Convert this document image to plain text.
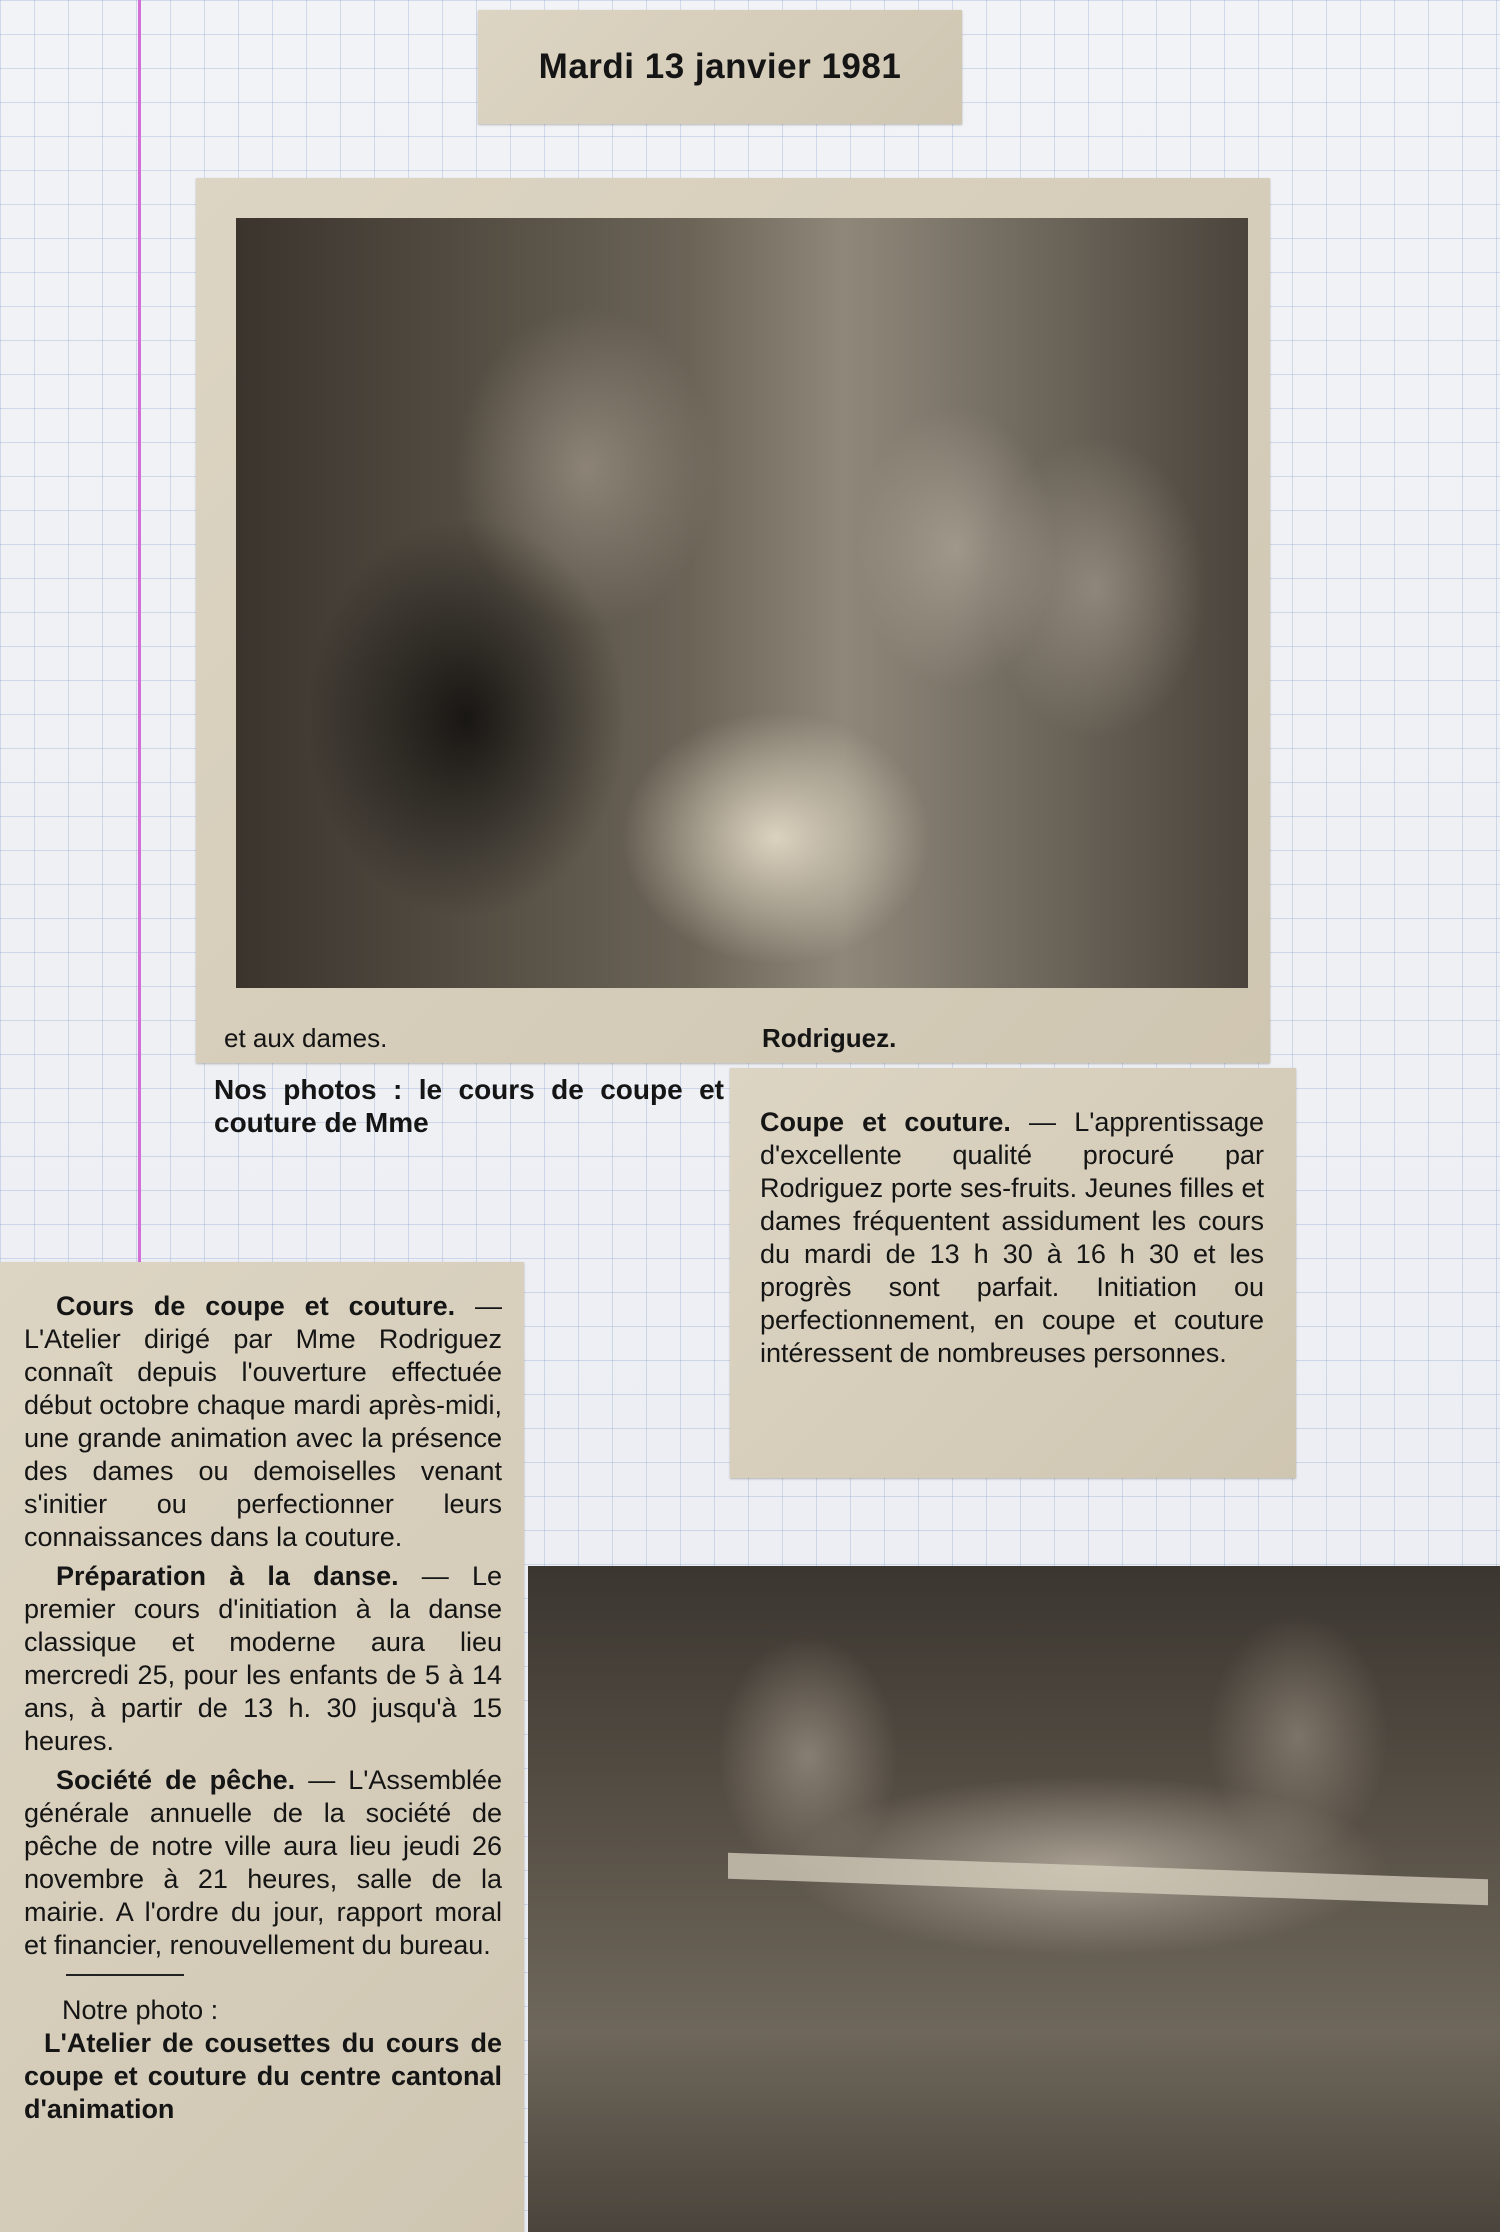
Mardi 13 janvier 1981
et aux dames.	Rodriguez.

Nos photos : le cours de coupe et couture de Mme	Coupe et couture. — L'apprentissage d'excellente qualité procuré par Rodriguez porte ses-fruits. Jeunes filles et dames fréquentent assidument les cours du mardi de 13 h 30 à 16 h 30 et les progrès sont parfait. Initiation ou perfectionnement, en coupe et couture intéressent de nombreuses personnes.

Cours de coupe et couture. — L'Atelier dirigé par Mme Rodriguez connaît depuis l'ouverture effectuée début octobre chaque mardi après-midi, une grande animation avec la présence des dames ou demoiselles venant s'initier ou perfectionner leurs connaissances dans la couture.

Préparation à la danse. — Le premier cours d'initiation à la danse classique et moderne aura lieu mercredi 25, pour les enfants de 5 à 14 ans, à partir de 13 h. 30 jusqu'à 15 heures.

Société de pêche. — L'Assemblée générale annuelle de la société de pêche de notre ville aura lieu jeudi 26 novembre à 21 heures, salle de la mairie. A l'ordre du jour, rapport moral et financier, renouvellement du bureau.

Notre photo :

L'Atelier de cousettes du cours de coupe et couture du centre cantonal d'animation
